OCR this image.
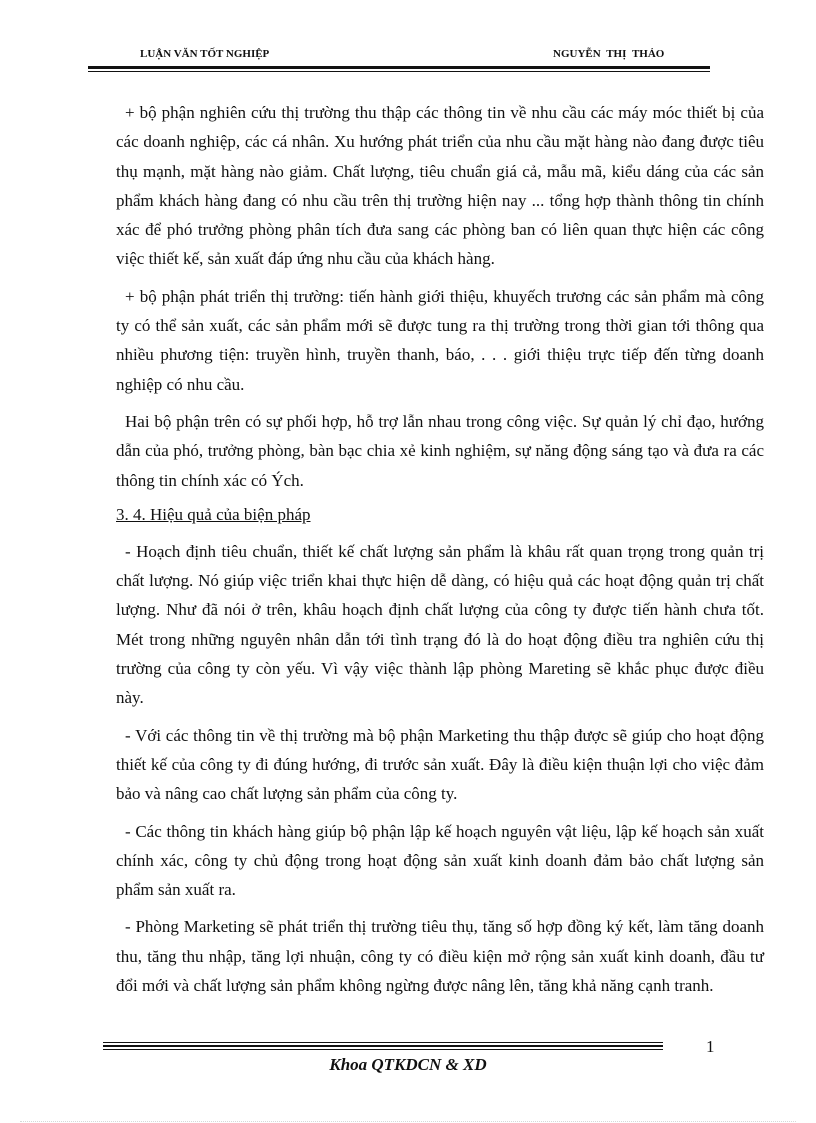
LUẬN VĂN TỐT NGHIỆP	NGUYỄN THỊ THẢO

+ bộ phận nghiên cứu thị trường thu thập các thông tin về nhu cầu các máy móc thiết bị của các doanh nghiệp, các cá nhân. Xu hướng phát triển của nhu cầu mặt hàng nào đang được tiêu thụ mạnh, mặt hàng nào giảm. Chất lượng, tiêu chuẩn giá cả, mẫu mã, kiểu dáng của các sản phẩm khách hàng đang có nhu cầu trên thị trường hiện nay ... tổng hợp thành thông tin chính xác để phó trưởng phòng phân tích đưa sang các phòng ban có liên quan thực hiện các công việc thiết kế, sản xuất đáp ứng nhu cầu của khách hàng.

+ bộ phận phát triển thị trường: tiến hành giới thiệu, khuyếch trương các sản phẩm mà công ty có thể sản xuất, các sản phẩm mới sẽ được tung ra thị trường trong thời gian tới thông qua nhiều phương tiện: truyền hình, truyền thanh, báo, . . . giới thiệu trực tiếp đến từng doanh nghiệp có nhu cầu.

Hai bộ phận trên có sự phối hợp, hỗ trợ lẫn nhau trong công việc. Sự quản lý chỉ đạo, hướng dẫn của phó, trưởng phòng, bàn bạc chia xẻ kinh nghiệm, sự năng động sáng tạo và đưa ra các thông tin chính xác có Ých.

3. 4. Hiệu quả của biện pháp

- Hoạch định tiêu chuẩn, thiết kế chất lượng sản phẩm là khâu rất quan trọng trong quản trị chất lượng. Nó giúp việc triển khai thực hiện dễ dàng, có hiệu quả các hoạt động quản trị chất lượng. Như đã nói ở trên, khâu hoạch định chất lượng của công ty được tiến hành chưa tốt. Mét trong những nguyên nhân dẫn tới tình trạng đó là do hoạt động điều tra nghiên cứu thị trường của công ty còn yếu. Vì vậy việc thành lập phòng Mareting sẽ khắc phục được điều này.

- Với các thông tin về thị trường mà bộ phận Marketing thu thập được sẽ giúp cho hoạt động thiết kế của công ty đi đúng hướng, đi trước sản xuất. Đây là điều kiện thuận lợi cho việc đảm bảo và nâng cao chất lượng sản phẩm của công ty.

- Các thông tin khách hàng giúp bộ phận lập kế hoạch nguyên vật liệu, lập kế hoạch sản xuất chính xác, công ty chủ động trong hoạt động sản xuất kinh doanh đảm bảo chất lượng sản phẩm sản xuất ra.

- Phòng Marketing sẽ phát triển thị trường tiêu thụ, tăng số hợp đồng ký kết, làm tăng doanh thu, tăng thu nhập, tăng lợi nhuận, công ty có điều kiện mở rộng sản xuất kinh doanh, đầu tư đổi mới và chất lượng sản phẩm không ngừng được nâng lên, tăng khả năng cạnh tranh.

1
Khoa QTKDCN & XD
